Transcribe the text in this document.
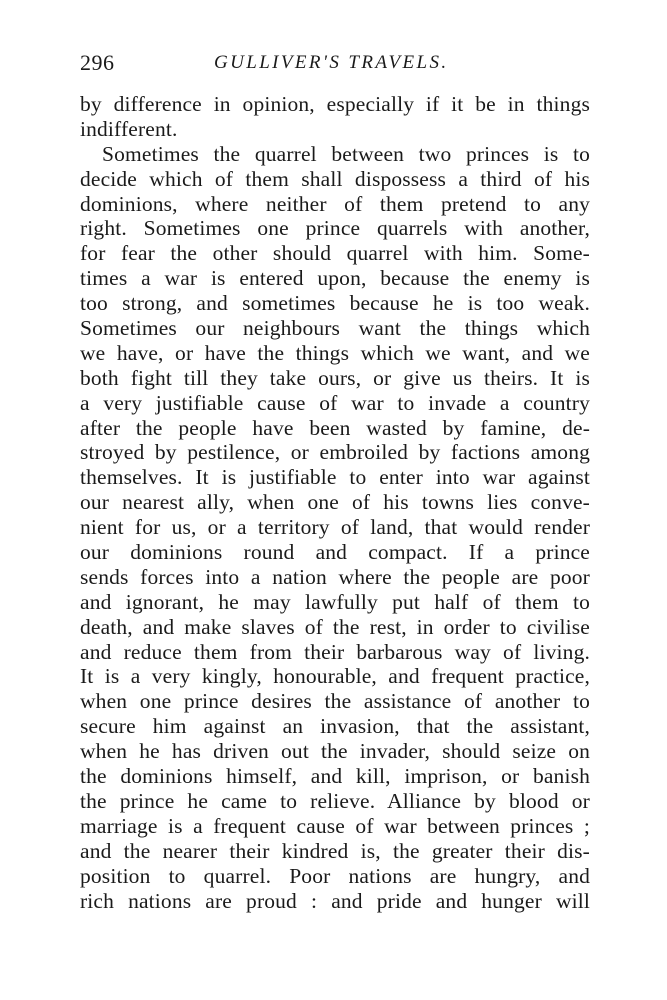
296	GULLIVER'S TRAVELS.
by difference in opinion, especially if it be in things
indifferent.
Sometimes the quarrel between two princes is to
decide which of them shall dispossess a third of his
dominions, where neither of them pretend to any
right. Sometimes one prince quarrels with another,
for fear the other should quarrel with him. Some-
times a war is entered upon, because the enemy is
too strong, and sometimes because he is too weak.
Sometimes our neighbours want the things which
we have, or have the things which we want, and we
both fight till they take ours, or give us theirs. It is
a very justifiable cause of war to invade a country
after the people have been wasted by famine, de-
stroyed by pestilence, or embroiled by factions among
themselves. It is justifiable to enter into war against
our nearest ally, when one of his towns lies conve-
nient for us, or a territory of land, that would render
our dominions round and compact. If a prince
sends forces into a nation where the people are poor
and ignorant, he may lawfully put half of them to
death, and make slaves of the rest, in order to civilise
and reduce them from their barbarous way of living.
It is a very kingly, honourable, and frequent practice,
when one prince desires the assistance of another to
secure him against an invasion, that the assistant,
when he has driven out the invader, should seize on
the dominions himself, and kill, imprison, or banish
the prince he came to relieve. Alliance by blood or
marriage is a frequent cause of war between princes ;
and the nearer their kindred is, the greater their dis-
position to quarrel. Poor nations are hungry, and
rich nations are proud : and pride and hunger will
